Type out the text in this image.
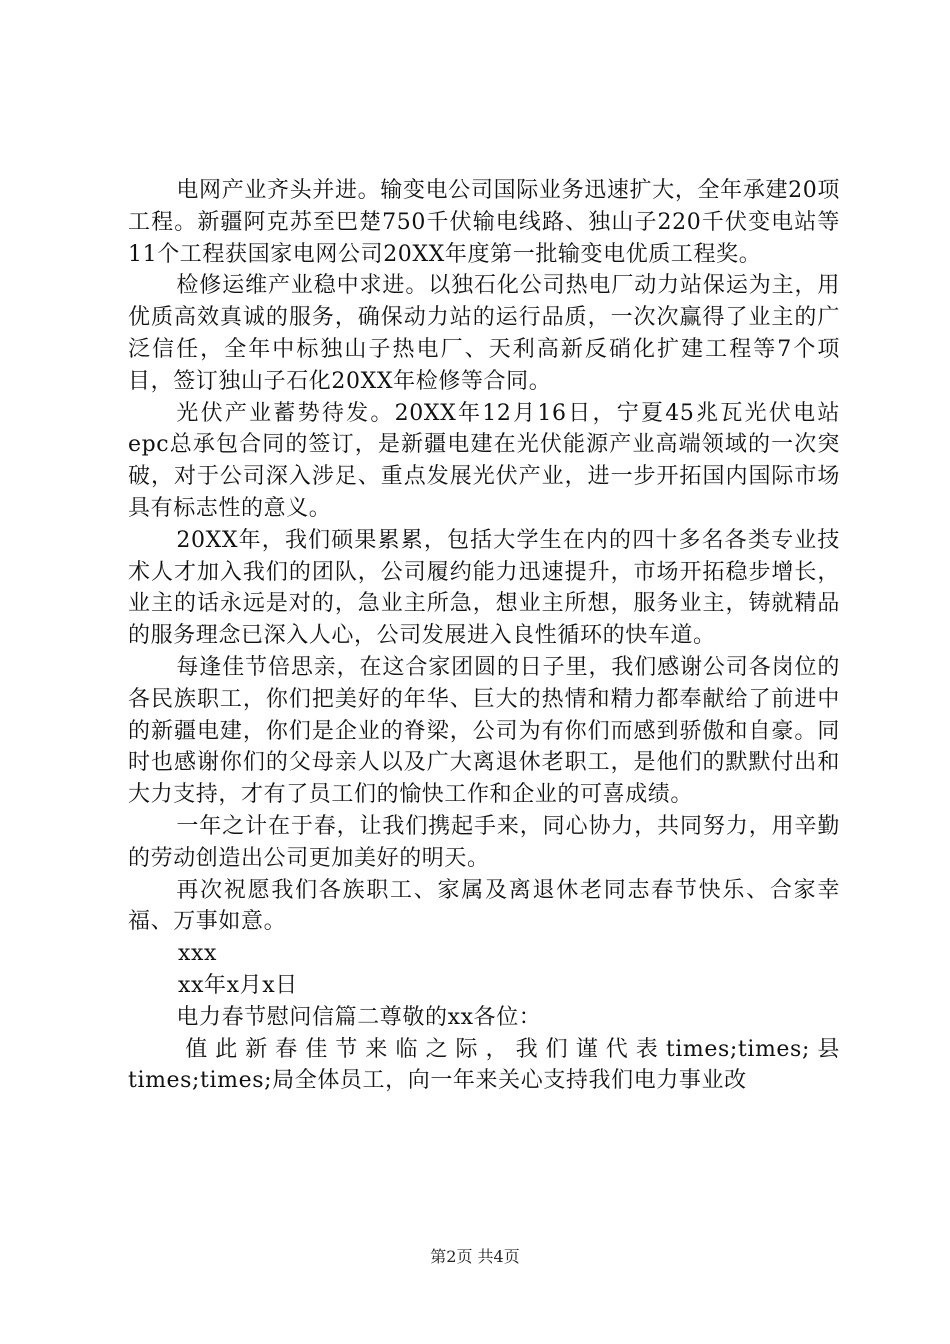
电网产业齐头并进。输变电公司国际业务迅速扩大，全年承建20项工程。新疆阿克苏至巴楚750千伏输电线路、独山子220千伏变电站等11个工程获国家电网公司20XX年度第一批输变电优质工程奖。

检修运维产业稳中求进。以独石化公司热电厂动力站保运为主，用优质高效真诚的服务，确保动力站的运行品质，一次次赢得了业主的广泛信任，全年中标独山子热电厂、天利高新反硝化扩建工程等7个项目，签订独山子石化20XX年检修等合同。

光伏产业蓄势待发。20XX年12月16日，宁夏45兆瓦光伏电站epc总承包合同的签订，是新疆电建在光伏能源产业高端领域的一次突破，对于公司深入涉足、重点发展光伏产业，进一步开拓国内国际市场具有标志性的意义。

20XX年，我们硕果累累，包括大学生在内的四十多名各类专业技术人才加入我们的团队，公司履约能力迅速提升，市场开拓稳步增长，业主的话永远是对的，急业主所急，想业主所想，服务业主，铸就精品的服务理念已深入人心，公司发展进入良性循环的快车道。

每逢佳节倍思亲，在这合家团圆的日子里，我们感谢公司各岗位的各民族职工，你们把美好的年华、巨大的热情和精力都奉献给了前进中的新疆电建，你们是企业的脊梁，公司为有你们而感到骄傲和自豪。同时也感谢你们的父母亲人以及广大离退休老职工，是他们的默默付出和大力支持，才有了员工们的愉快工作和企业的可喜成绩。

一年之计在于春，让我们携起手来，同心协力，共同努力，用辛勤的劳动创造出公司更加美好的明天。

再次祝愿我们各族职工、家属及离退休老同志春节快乐、合家幸福、万事如意。

xxx

xx年x月x日

电力春节慰问信篇二尊敬的xx各位：

值此新春佳节来临之际，我们谨代表times;times;县times;times;局全体员工，向一年来关心支持我们电力事业改

第2页 共4页
